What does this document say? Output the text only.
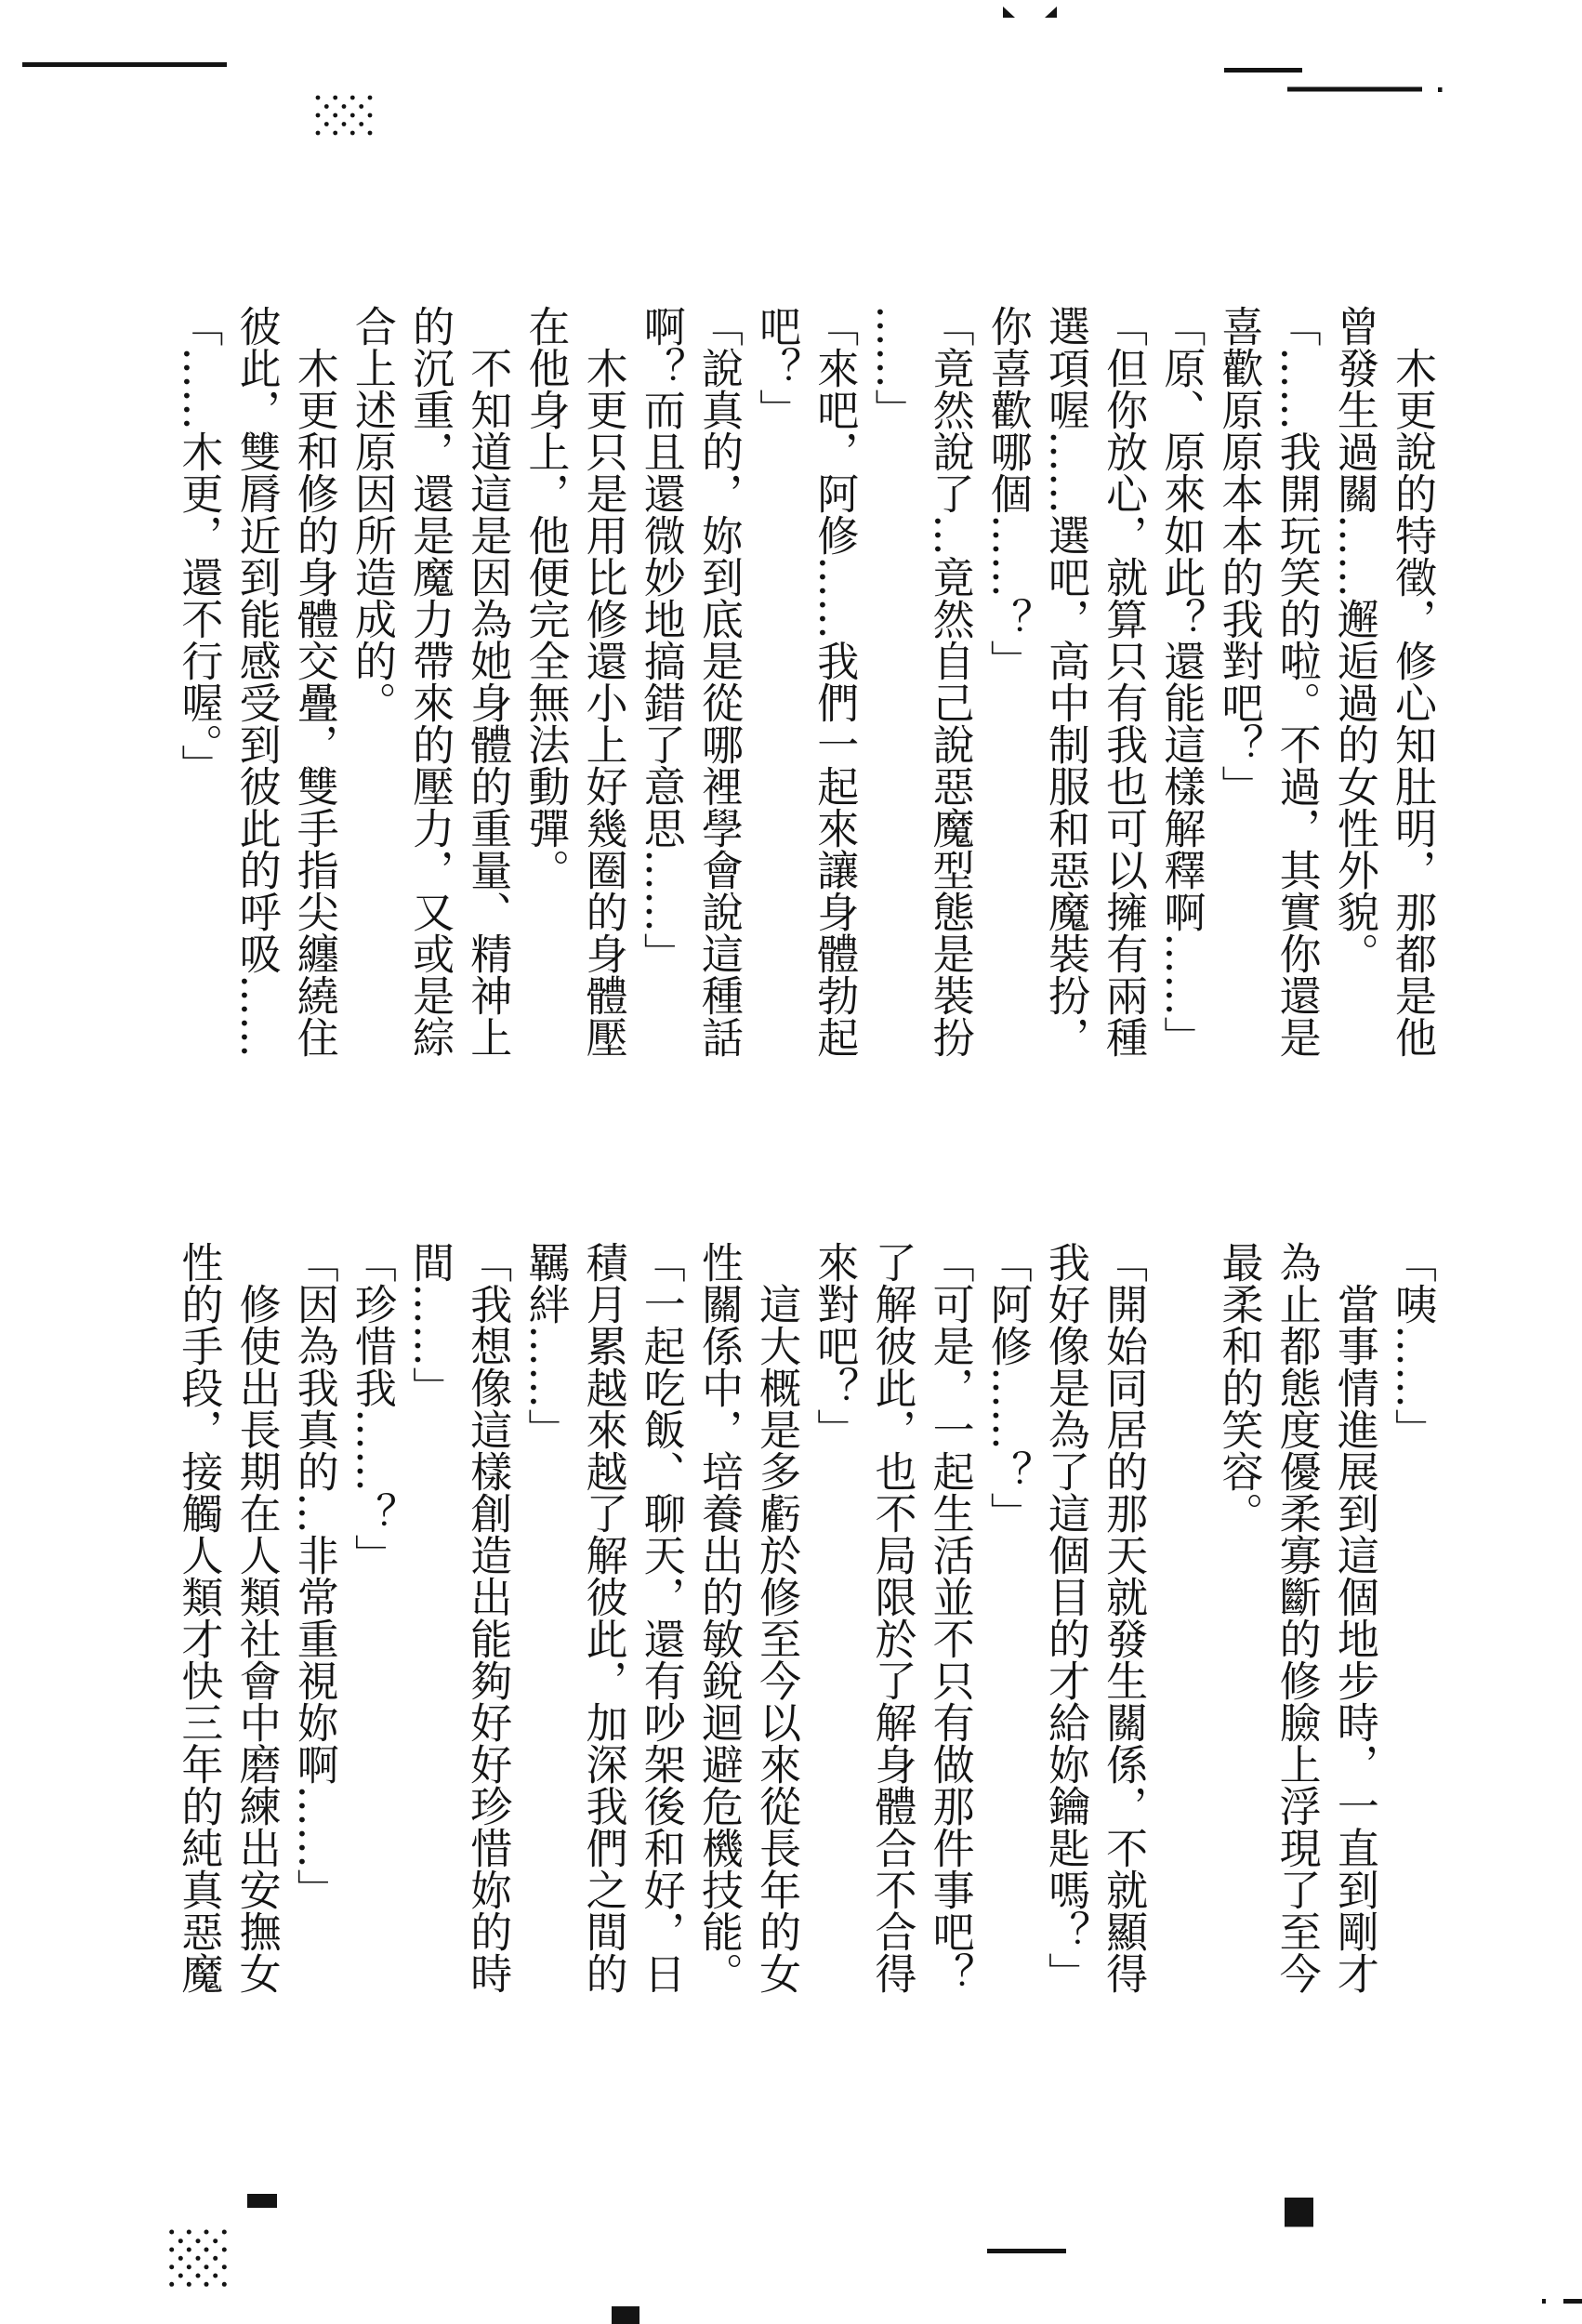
　木更說的特徵，修心知肚明，那都是他
曾發生過關……邂逅過的女性外貌。
「……我開玩笑的啦。不過，其實你還是
喜歡原原本本的我對吧？」
「原、原來如此？還能這樣解釋啊……」
「但你放心，就算只有我也可以擁有兩種
選項喔……選吧，高中制服和惡魔裝扮，
你喜歡哪個……？」
「竟然說了…竟然自己說惡魔型態是裝扮
……」
「來吧，阿修……我們一起來讓身體勃起
吧？」
「說真的，妳到底是從哪裡學會說這種話
啊？而且還微妙地搞錯了意思……」
　木更只是用比修還小上好幾圈的身體壓
在他身上，他便完全無法動彈。
　不知道這是因為她身體的重量、精神上
的沉重，還是魔力帶來的壓力，又或是綜
合上述原因所造成的。
　木更和修的身體交疊，雙手指尖纏繞住
彼此，雙脣近到能感受到彼此的呼吸……
「……木更，還不行喔。」
「咦……」
　當事情進展到這個地步時，一直到剛才
為止都態度優柔寡斷的修臉上浮現了至今
最柔和的笑容。
「開始同居的那天就發生關係，不就顯得
我好像是為了這個目的才給妳鑰匙嗎？」
「阿修……？」
「可是，一起生活並不只有做那件事吧？
了解彼此，也不局限於了解身體合不合得
來對吧？」
　這大概是多虧於修至今以來從長年的女
性關係中，培養出的敏銳迴避危機技能。
「一起吃飯、聊天，還有吵架後和好，日
積月累越來越了解彼此，加深我們之間的
羈絆……」
「我想像這樣創造出能夠好好珍惜妳的時
間……」
「珍惜我……？」
「因為我真的…非常重視妳啊……」
　修使出長期在人類社會中磨練出安撫女
性的手段，接觸人類才快三年的純真惡魔
